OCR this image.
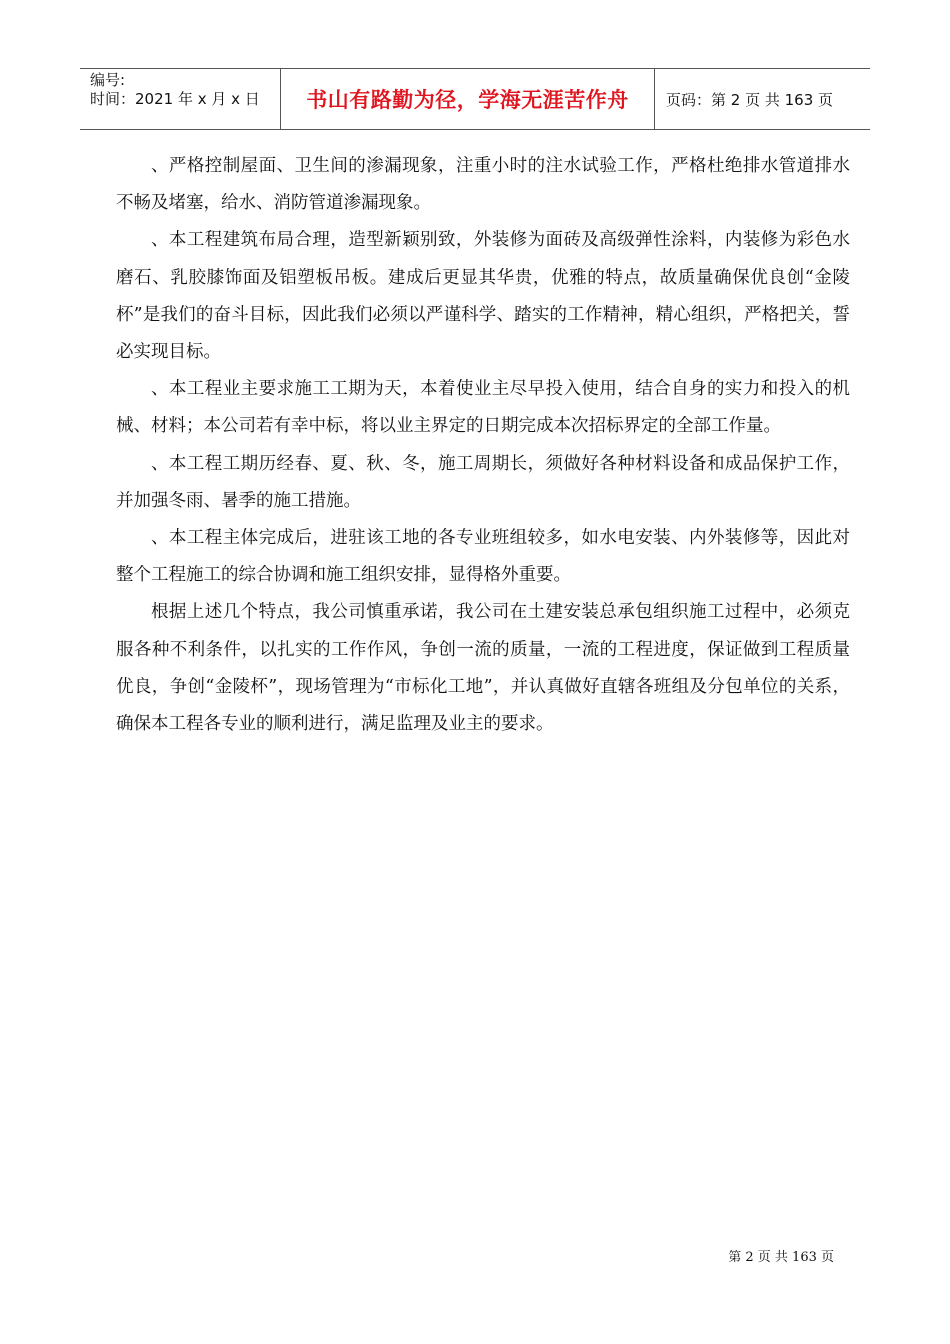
编号:
时间：2021 年 x 月 x 日	书山有路勤为径，学海无涯苦作舟	页码：第 2 页 共 163 页

、严格控制屋面、卫生间的渗漏现象，注重小时的注水试验工作，严格杜绝排水管道排水不畅及堵塞，给水、消防管道渗漏现象。

、本工程建筑布局合理，造型新颖别致，外装修为面砖及高级弹性涂料，内装修为彩色水磨石、乳胶膝饰面及铝塑板吊板。建成后更显其华贵，优雅的特点，故质量确保优良创“金陵杯”是我们的奋斗目标，因此我们必须以严谨科学、踏实的工作精神，精心组织，严格把关，誓必实现目标。

、本工程业主要求施工工期为天，本着使业主尽早投入使用，结合自身的实力和投入的机械、材料；本公司若有幸中标，将以业主界定的日期完成本次招标界定的全部工作量。

、本工程工期历经春、夏、秋、冬，施工周期长，须做好各种材料设备和成品保护工作，并加强冬雨、暑季的施工措施。

、本工程主体完成后，进驻该工地的各专业班组较多，如水电安装、内外装修等，因此对整个工程施工的综合协调和施工组织安排，显得格外重要。

根据上述几个特点，我公司慎重承诺，我公司在土建安装总承包组织施工过程中，必须克服各种不利条件，以扎实的工作作风，争创一流的质量，一流的工程进度，保证做到工程质量优良，争创“金陵杯”，现场管理为“市标化工地”，并认真做好直辖各班组及分包单位的关系，确保本工程各专业的顺利进行，满足监理及业主的要求。

第 2 页 共 163 页
